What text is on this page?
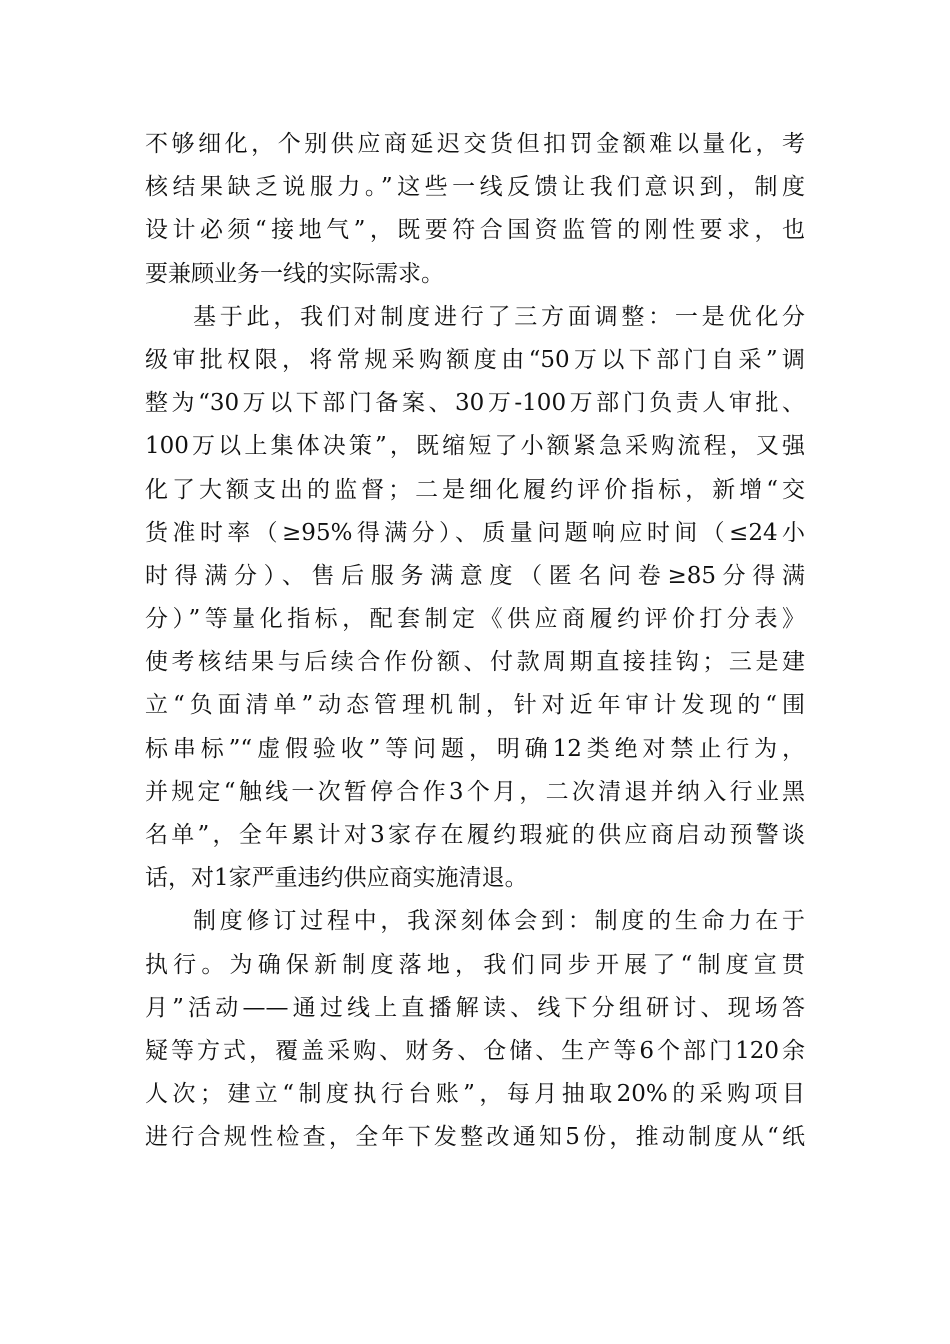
不够细化，个别供应商延迟交货但扣罚金额难以量化，考
核结果缺乏说服力。”这些一线反馈让我们意识到，制度
设计必须“接地气”，既要符合国资监管的刚性要求，也
要兼顾业务一线的实际需求。
基于此，我们对制度进行了三方面调整：一是优化分
级审批权限，将常规采购额度由“50万以下部门自采”调
整为“30万以下部门备案、30万-100万部门负责人审批、
100万以上集体决策”，既缩短了小额紧急采购流程，又强
化了大额支出的监督；二是细化履约评价指标，新增“交
货准时率（≥95%得满分）、质量问题响应时间（≤24小
时得满分）、售后服务满意度（匿名问卷≥85分得满
分）”等量化指标，配套制定《供应商履约评价打分表》
使考核结果与后续合作份额、付款周期直接挂钩；三是建
立“负面清单”动态管理机制，针对近年审计发现的“围
标串标”“虚假验收”等问题，明确12类绝对禁止行为，
并规定“触线一次暂停合作3个月，二次清退并纳入行业黑
名单”，全年累计对3家存在履约瑕疵的供应商启动预警谈
话，对1家严重违约供应商实施清退。
制度修订过程中，我深刻体会到：制度的生命力在于
执行。为确保新制度落地，我们同步开展了“制度宣贯
月”活动——通过线上直播解读、线下分组研讨、现场答
疑等方式，覆盖采购、财务、仓储、生产等6个部门120余
人次；建立“制度执行台账”，每月抽取20%的采购项目
进行合规性检查，全年下发整改通知5份，推动制度从“纸
